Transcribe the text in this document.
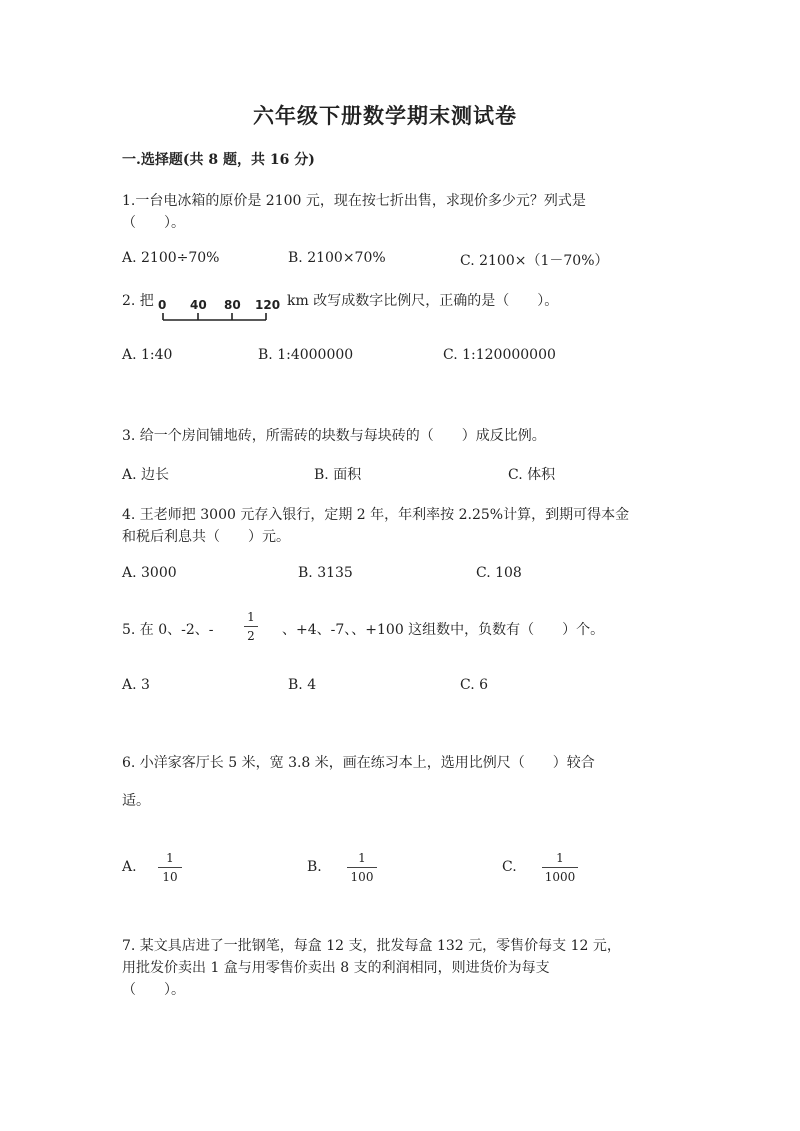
六年级下册数学期末测试卷
一.选择题(共 8 题，共 16 分)
1.一台电冰箱的原价是 2100 元，现在按七折出售，求现价多少元？列式是
（　　）。
A. 2100÷70%	B. 2100×70%	C. 2100×（1－70%）
2. 把 0 40 80 120 km 改写成数字比例尺，正确的是（　　）。
A. 1:40	B. 1:4000000	C. 1:120000000
3. 给一个房间铺地砖，所需砖的块数与每块砖的（　　）成反比例。
A. 边长	B. 面积	C. 体积
4. 王老师把 3000 元存入银行，定期 2 年，年利率按 2.25%计算，到期可得本金
和税后利息共（　　）元。
A. 3000	B. 3135	C. 108
5. 在 0、-2、-
1
2 、+4、-7、、+100 这组数中，负数有（　　）个。
A. 3	B. 4	C. 6
6. 小洋家客厅长 5 米，宽 3.8 米，画在练习本上，选用比例尺（　　）较合
适。
A.
1
10
B.
1
100
C.
1
1000
7. 某文具店进了一批钢笔，每盒 12 支，批发每盒 132 元，零售价每支 12 元，
用批发价卖出 1 盒与用零售价卖出 8 支的利润相同，则进货价为每支
（　　）。
